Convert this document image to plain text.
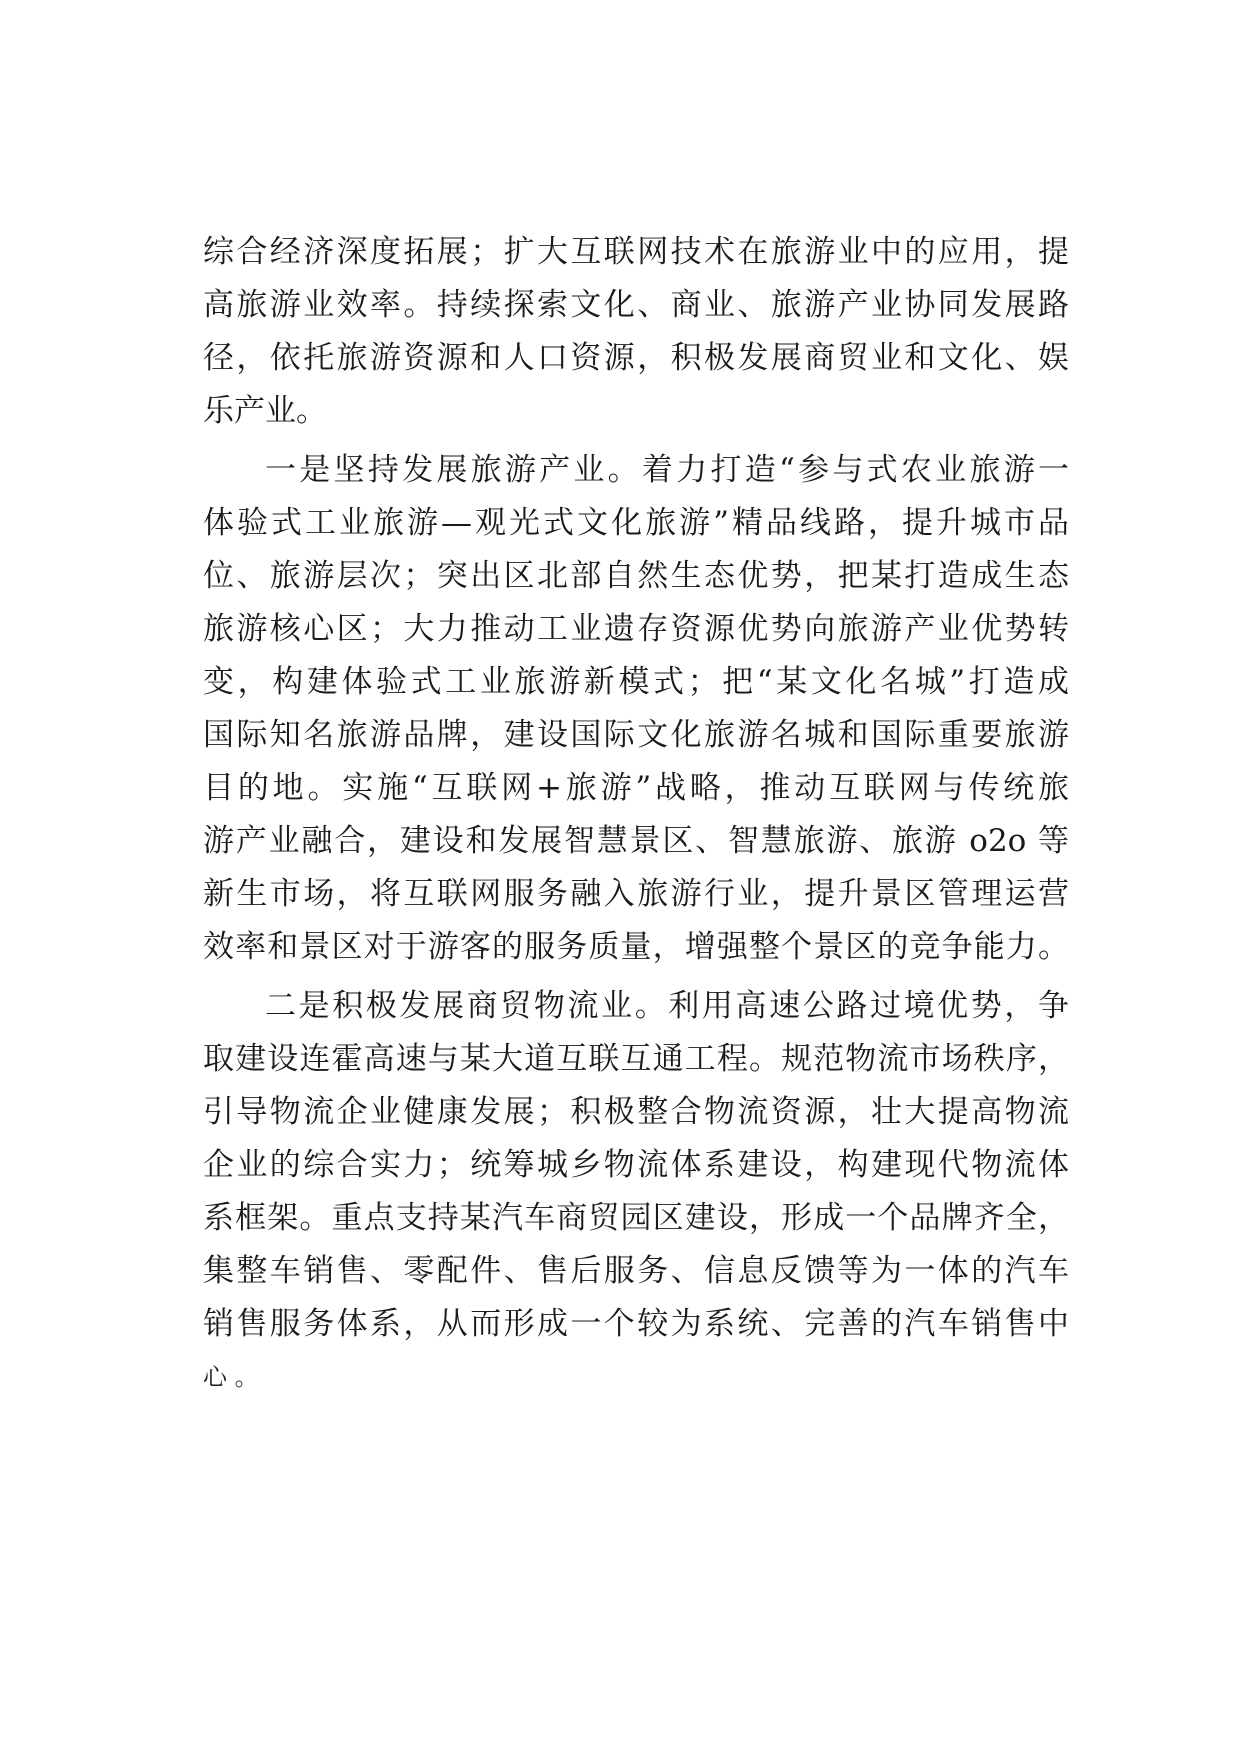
综合经济深度拓展；扩大互联网技术在旅游业中的应用，提
高旅游业效率。持续探索文化、商业、旅游产业协同发展路
径，依托旅游资源和人口资源，积极发展商贸业和文化、娱
乐产业。

一是坚持发展旅游产业。着力打造“参与式农业旅游一
体验式工业旅游—观光式文化旅游”精品线路，提升城市品
位、旅游层次；突出区北部自然生态优势，把某打造成生态
旅游核心区；大力推动工业遗存资源优势向旅游产业优势转
变，构建体验式工业旅游新模式；把“某文化名城”打造成
国际知名旅游品牌，建设国际文化旅游名城和国际重要旅游
目的地。实施“互联网+旅游”战略，推动互联网与传统旅
游产业融合，建设和发展智慧景区、智慧旅游、旅游 o2o 等
新生市场，将互联网服务融入旅游行业，提升景区管理运营
效率和景区对于游客的服务质量，增强整个景区的竞争能力。

二是积极发展商贸物流业。利用高速公路过境优势，争
取建设连霍高速与某大道互联互通工程。规范物流市场秩序，
引导物流企业健康发展；积极整合物流资源，壮大提高物流
企业的综合实力；统筹城乡物流体系建设，构建现代物流体
系框架。重点支持某汽车商贸园区建设，形成一个品牌齐全，
集整车销售、零配件、售后服务、信息反馈等为一体的汽车
销售服务体系，从而形成一个较为系统、完善的汽车销售中
心 。
